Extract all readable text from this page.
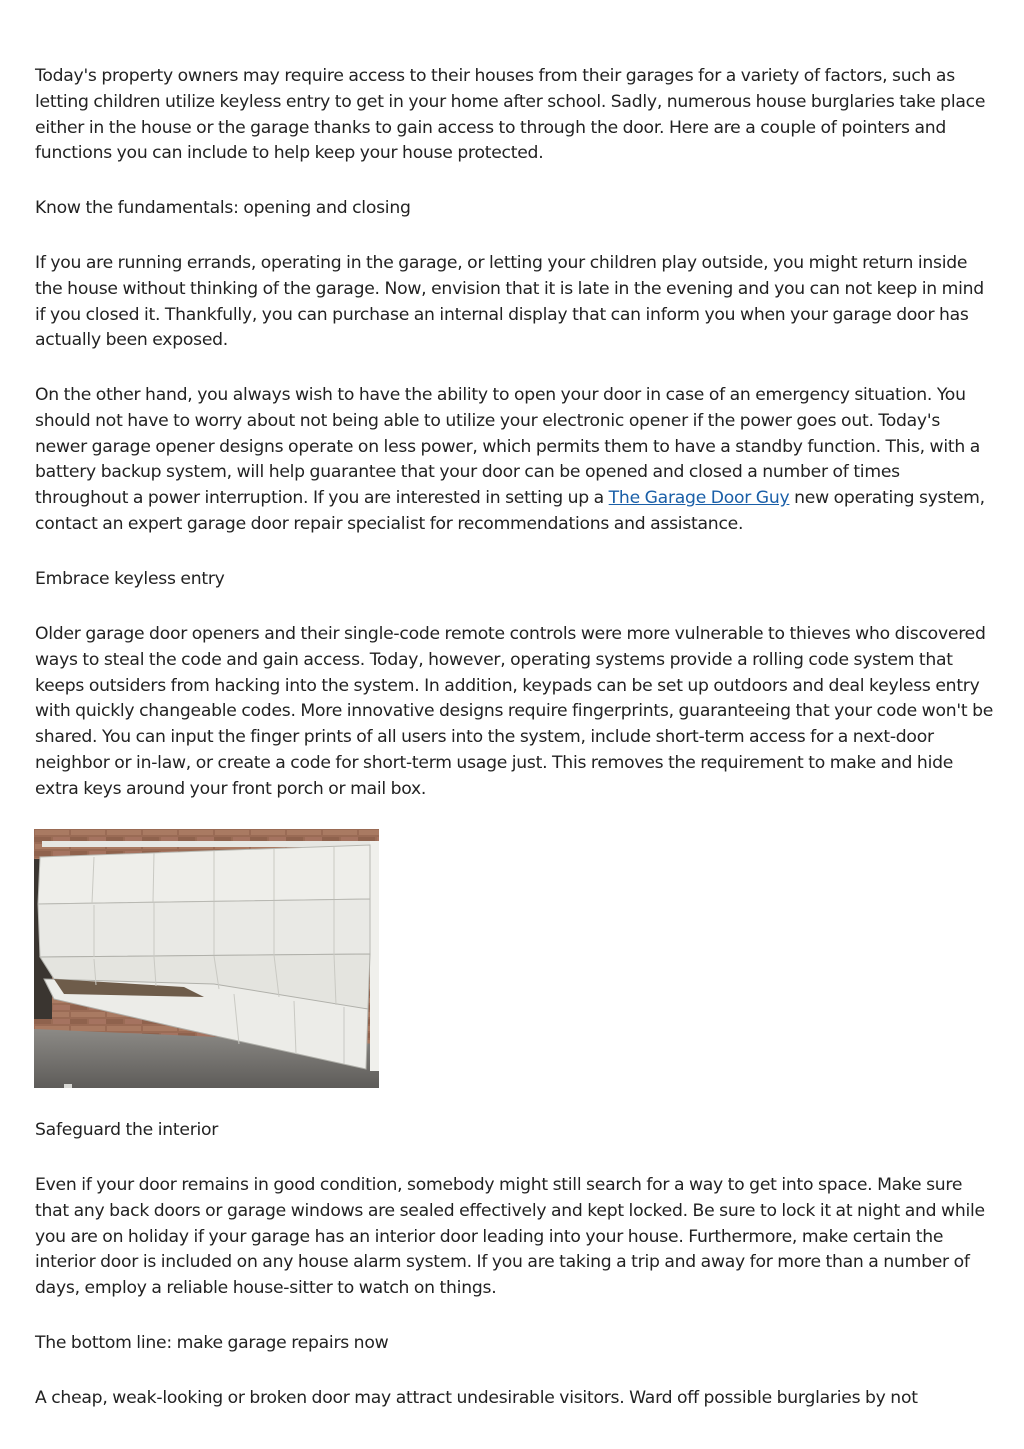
Today's property owners may require access to their houses from their garages for a variety of factors, such as letting children utilize keyless entry to get in your home after school. Sadly, numerous house burglaries take place either in the house or the garage thanks to gain access to through the door. Here are a couple of pointers and functions you can include to help keep your house protected.

Know the fundamentals: opening and closing

If you are running errands, operating in the garage, or letting your children play outside, you might return inside the house without thinking of the garage. Now, envision that it is late in the evening and you can not keep in mind if you closed it. Thankfully, you can purchase an internal display that can inform you when your garage door has actually been exposed.

On the other hand, you always wish to have the ability to open your door in case of an emergency situation. You should not have to worry about not being able to utilize your electronic opener if the power goes out. Today's newer garage opener designs operate on less power, which permits them to have a standby function. This, with a battery backup system, will help guarantee that your door can be opened and closed a number of times throughout a power interruption. If you are interested in setting up a The Garage Door Guy new operating system, contact an expert garage door repair specialist for recommendations and assistance.

Embrace keyless entry

Older garage door openers and their single-code remote controls were more vulnerable to thieves who discovered ways to steal the code and gain access. Today, however, operating systems provide a rolling code system that keeps outsiders from hacking into the system. In addition, keypads can be set up outdoors and deal keyless entry with quickly changeable codes. More innovative designs require fingerprints, guaranteeing that your code won't be shared. You can input the finger prints of all users into the system, include short-term access for a next-door neighbor or in-law, or create a code for short-term usage just. This removes the requirement to make and hide extra keys around your front porch or mail box.

Safeguard the interior

Even if your door remains in good condition, somebody might still search for a way to get into space. Make sure that any back doors or garage windows are sealed effectively and kept locked. Be sure to lock it at night and while you are on holiday if your garage has an interior door leading into your house. Furthermore, make certain the interior door is included on any house alarm system. If you are taking a trip and away for more than a number of days, employ a reliable house-sitter to watch on things.

The bottom line: make garage repairs now

A cheap, weak-looking or broken door may attract undesirable visitors. Ward off possible burglaries by not
